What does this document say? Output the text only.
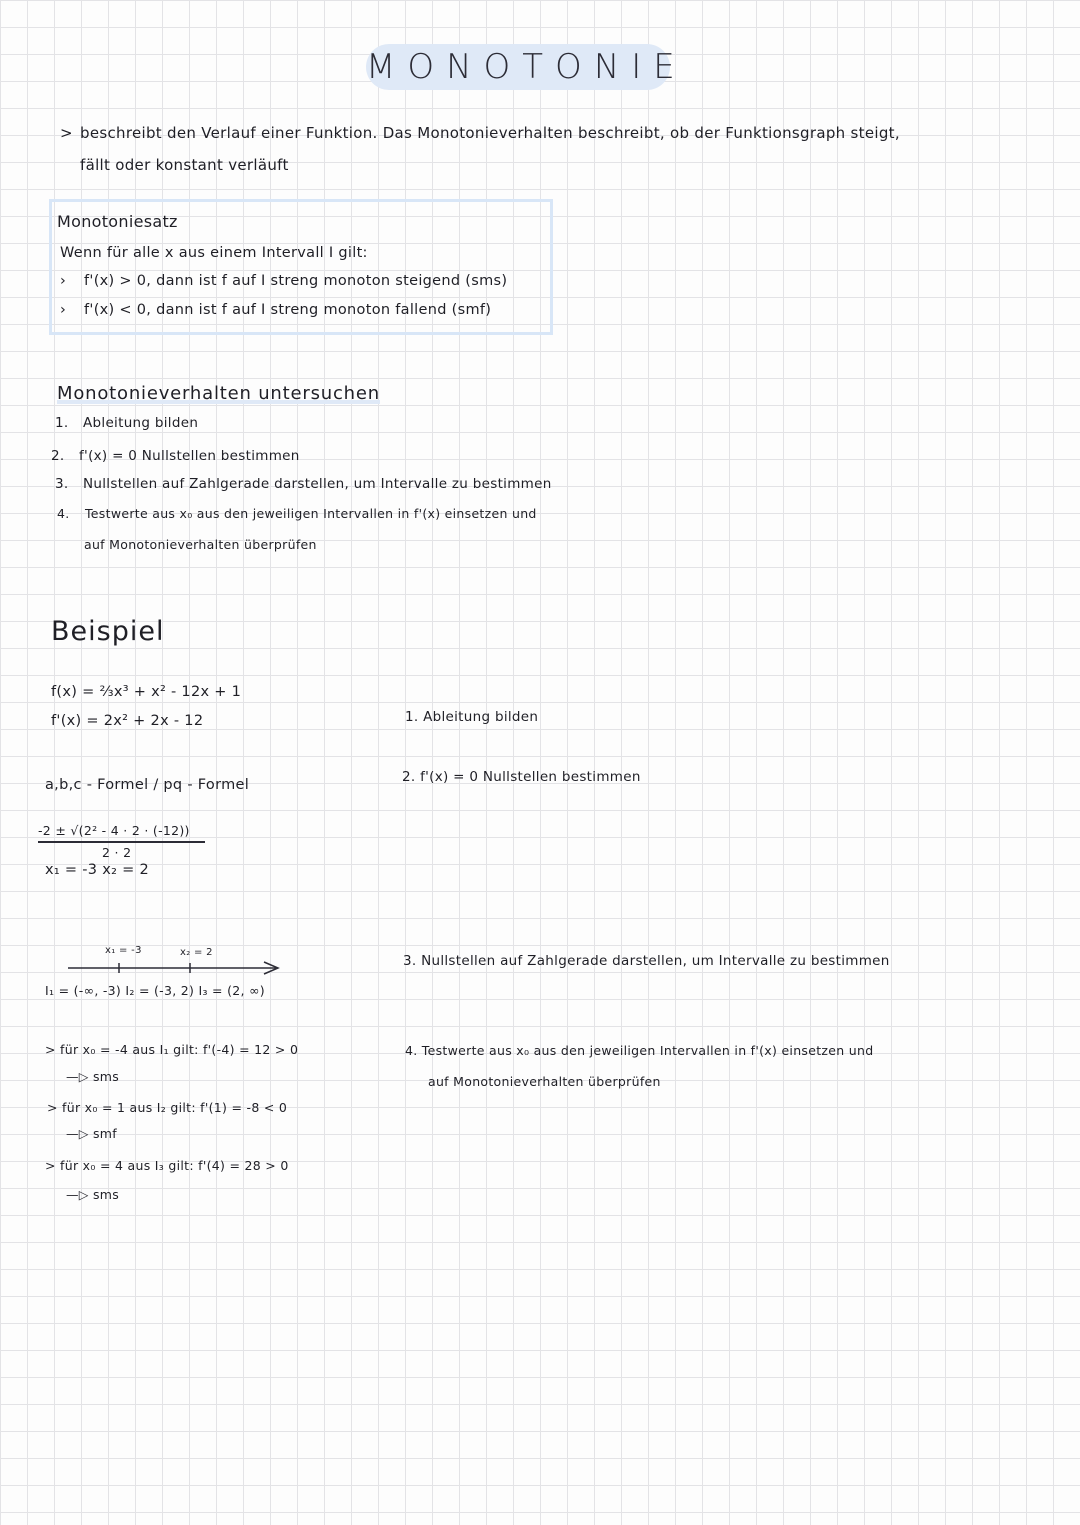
MONOTONIE
> beschreibt den Verlauf einer Funktion. Das Monotonieverhalten beschreibt, ob der Funktionsgraph steigt,
fällt oder konstant verläuft
Monotoniesatz
Wenn für alle x aus einem Intervall I gilt:
› f'(x) > 0, dann ist f auf I streng monoton steigend (sms)
› f'(x) < 0, dann ist f auf I streng monoton fallend (smf)
Monotonieverhalten untersuchen
1. Ableitung bilden
2. f'(x) = 0 Nullstellen bestimmen
3. Nullstellen auf Zahlgerade darstellen, um Intervalle zu bestimmen
4. Testwerte aus x₀ aus den jeweiligen Intervallen in f'(x) einsetzen und
auf Monotonieverhalten überprüfen
Beispiel
f(x) = ⅔x³ + x² - 12x + 1
f'(x) = 2x² + 2x - 12
a,b,c - Formel / pq - Formel
-2 ± √(2² - 4 · 2 · (-12))
2 · 2
x₁ = -3 x₂ = 2
x₁ = -3	x₂ = 2
I₁ = (-∞, -3) I₂ = (-3, 2) I₃ = (2, ∞)
> für x₀ = -4 aus I₁ gilt: f'(-4) = 12 > 0
—▷ sms
> für x₀ = 1 aus I₂ gilt: f'(1) = -8 < 0
—▷ smf
> für x₀ = 4 aus I₃ gilt: f'(4) = 28 > 0
—▷ sms
1. Ableitung bilden
2. f'(x) = 0 Nullstellen bestimmen
3. Nullstellen auf Zahlgerade darstellen, um Intervalle zu bestimmen
4. Testwerte aus x₀ aus den jeweiligen Intervallen in f'(x) einsetzen und
auf Monotonieverhalten überprüfen
